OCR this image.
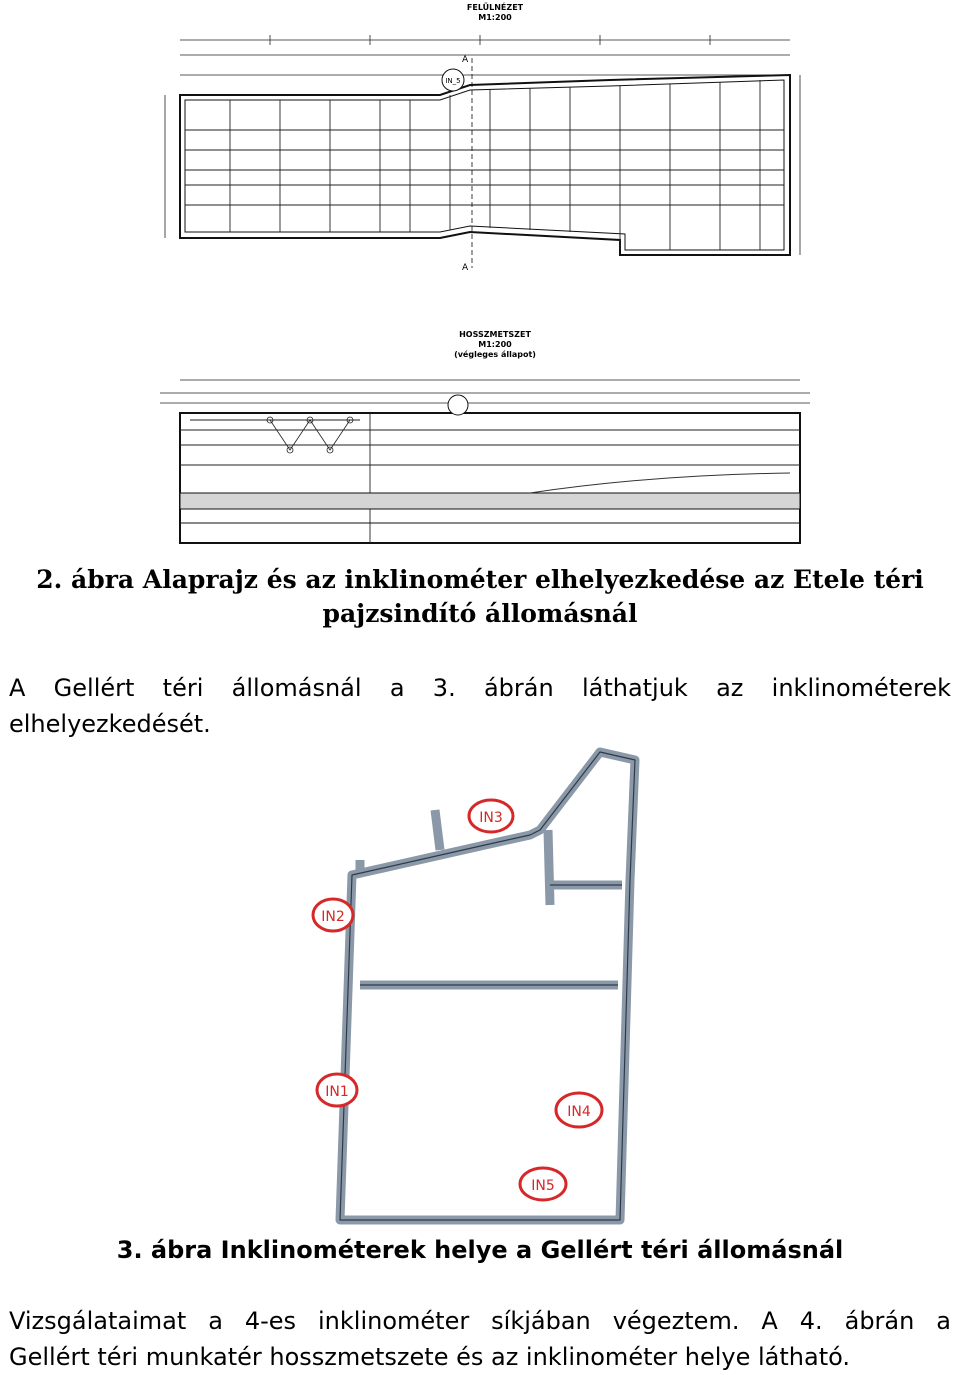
FELÜLNÉZET
M1:200
IN_5
A
A
HOSSZMETSZET
M1:200
(végleges állapot)
2. ábra Alaprajz és az inklinométer elhelyezkedése az Etele téri
pajzsindító állomásnál
A Gellért téri állomásnál a 3. ábrán láthatjuk az inklinométerek
elhelyezkedését.
IN3
IN2
IN1
IN4
IN5
3. ábra Inklinométerek helye a Gellért téri állomásnál
Vizsgálataimat a 4-es inklinométer síkjában végeztem. A 4. ábrán a
Gellért téri munkatér hosszmetszete és az inklinométer helye látható.
